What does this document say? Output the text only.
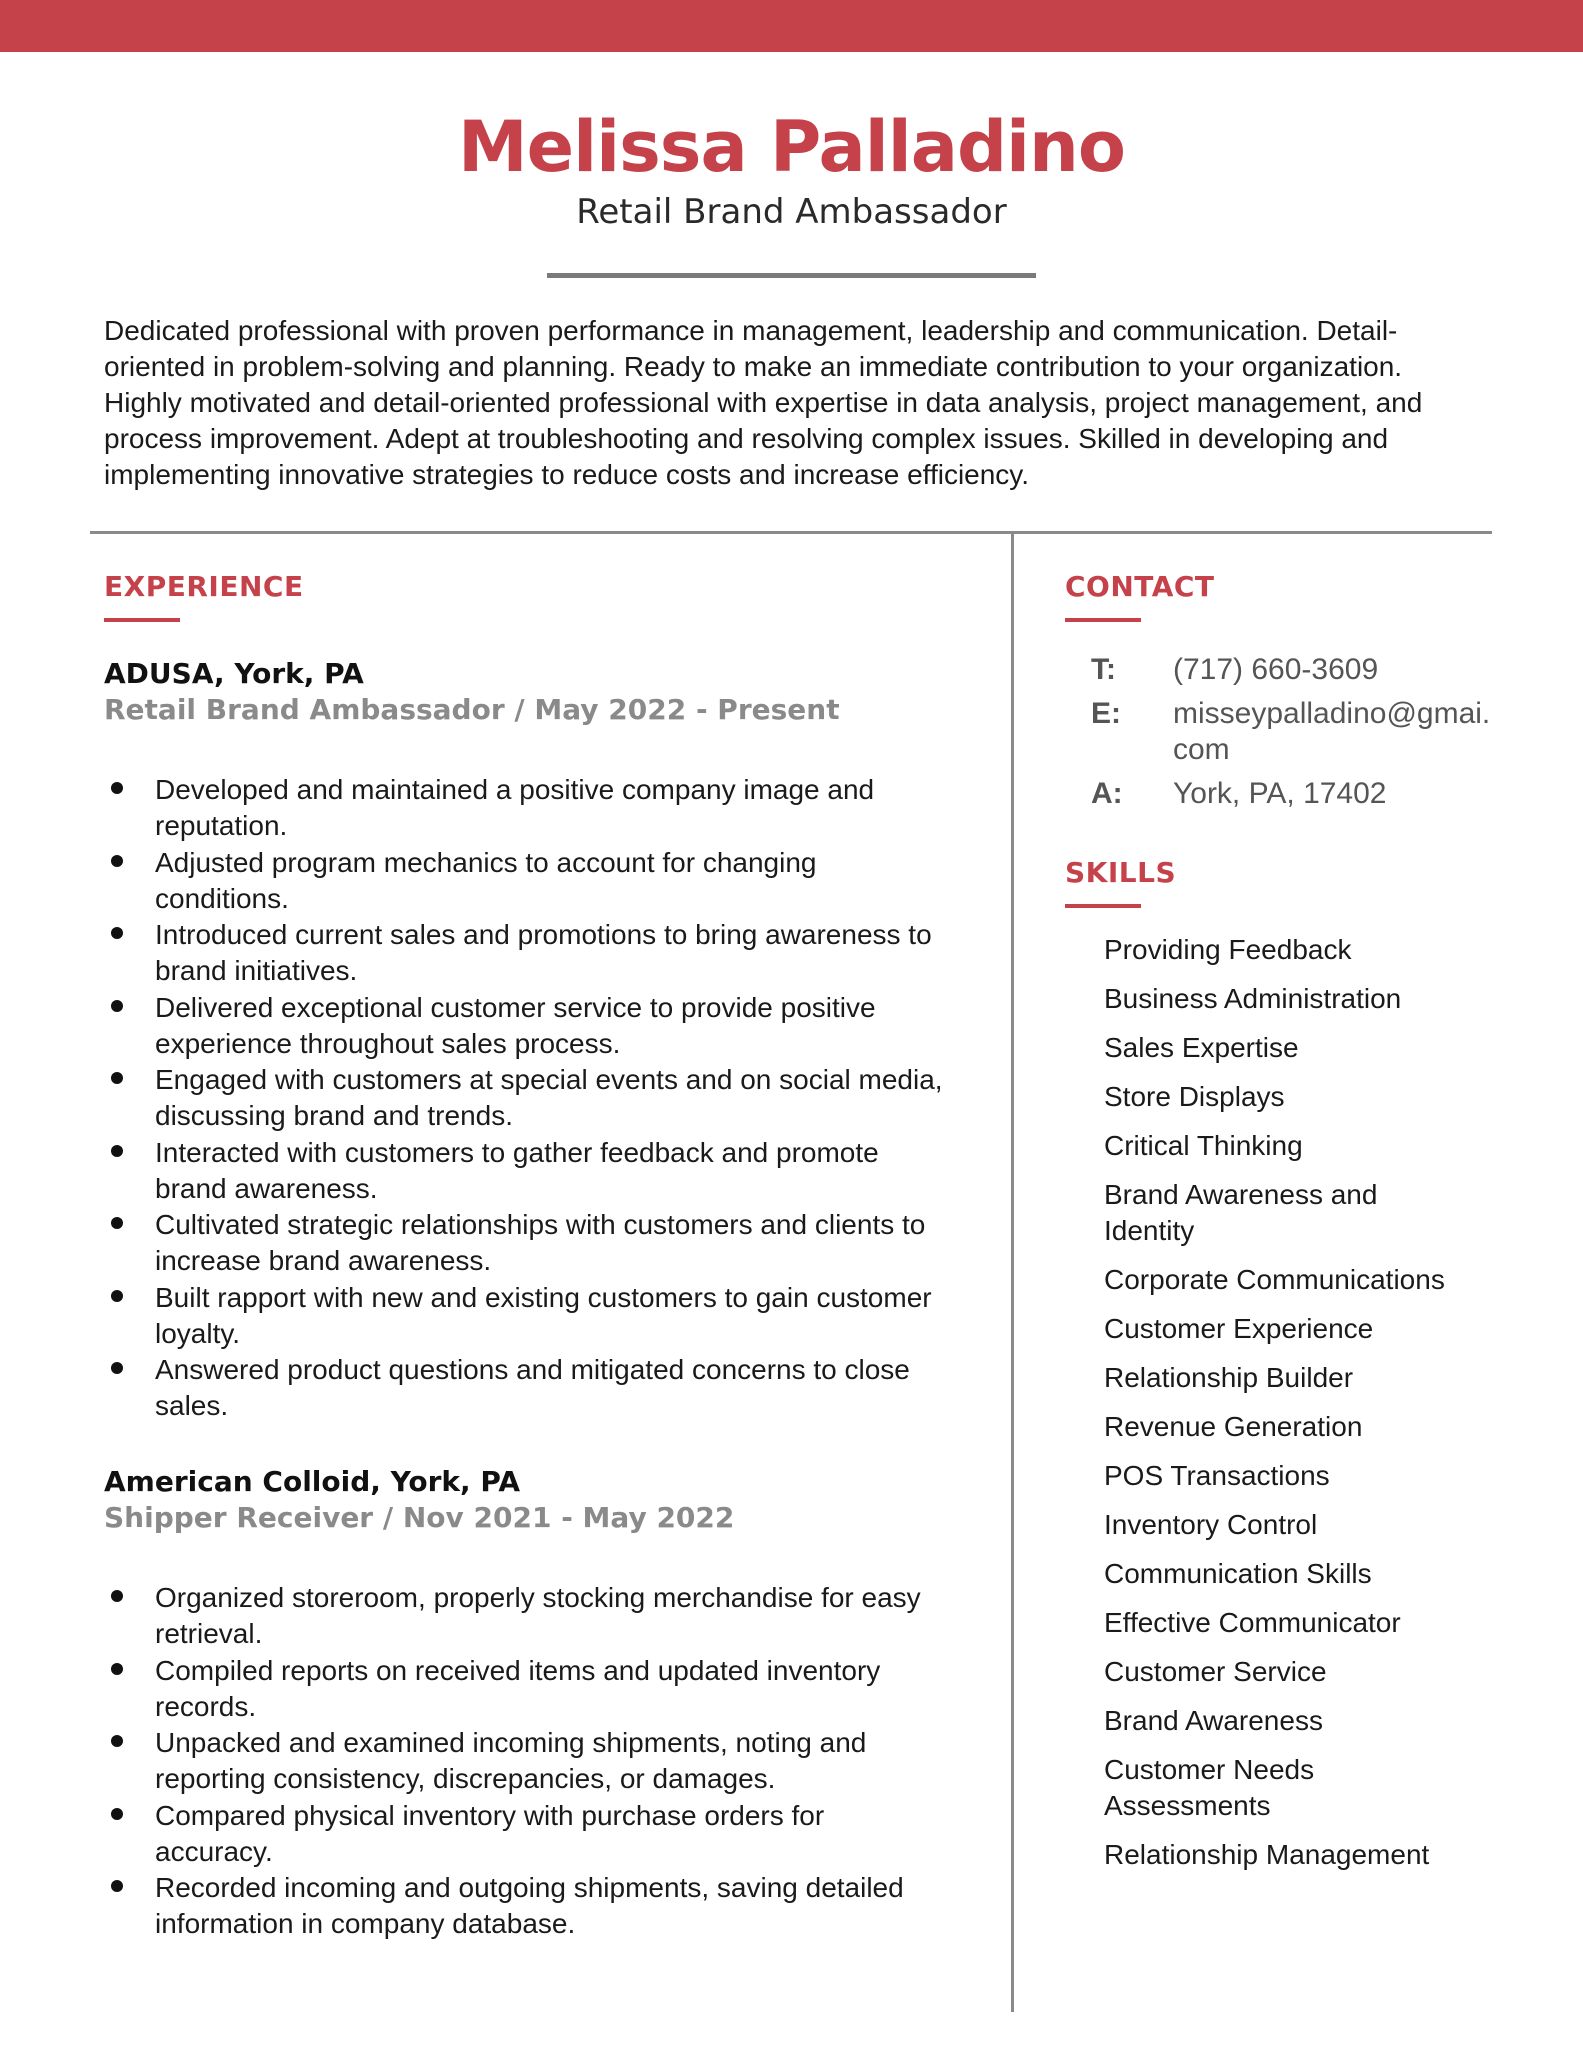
Melissa Palladino
Retail Brand Ambassador
Dedicated professional with proven performance in management, leadership and communication. Detail-oriented in problem-solving and planning. Ready to make an immediate contribution to your organization. Highly motivated and detail-oriented professional with expertise in data analysis, project management, and process improvement. Adept at troubleshooting and resolving complex issues. Skilled in developing and implementing innovative strategies to reduce costs and increase efficiency.
EXPERIENCE
ADUSA, York, PA
Retail Brand Ambassador / May 2022 - Present
Developed and maintained a positive company image and reputation.
Adjusted program mechanics to account for changing conditions.
Introduced current sales and promotions to bring awareness to brand initiatives.
Delivered exceptional customer service to provide positive experience throughout sales process.
Engaged with customers at special events and on social media, discussing brand and trends.
Interacted with customers to gather feedback and promote brand awareness.
Cultivated strategic relationships with customers and clients to increase brand awareness.
Built rapport with new and existing customers to gain customer loyalty.
Answered product questions and mitigated concerns to close sales.
American Colloid, York, PA
Shipper Receiver / Nov 2021 - May 2022
Organized storeroom, properly stocking merchandise for easy retrieval.
Compiled reports on received items and updated inventory records.
Unpacked and examined incoming shipments, noting and reporting consistency, discrepancies, or damages.
Compared physical inventory with purchase orders for accuracy.
Recorded incoming and outgoing shipments, saving detailed information in company database.
CONTACT
T:	(717) 660-3609
E:	misseypalladino@gmai.com
A:	York, PA, 17402
SKILLS
Providing Feedback
Business Administration
Sales Expertise
Store Displays
Critical Thinking
Brand Awareness and Identity
Corporate Communications
Customer Experience
Relationship Builder
Revenue Generation
POS Transactions
Inventory Control
Communication Skills
Effective Communicator
Customer Service
Brand Awareness
Customer Needs Assessments
Relationship Management
